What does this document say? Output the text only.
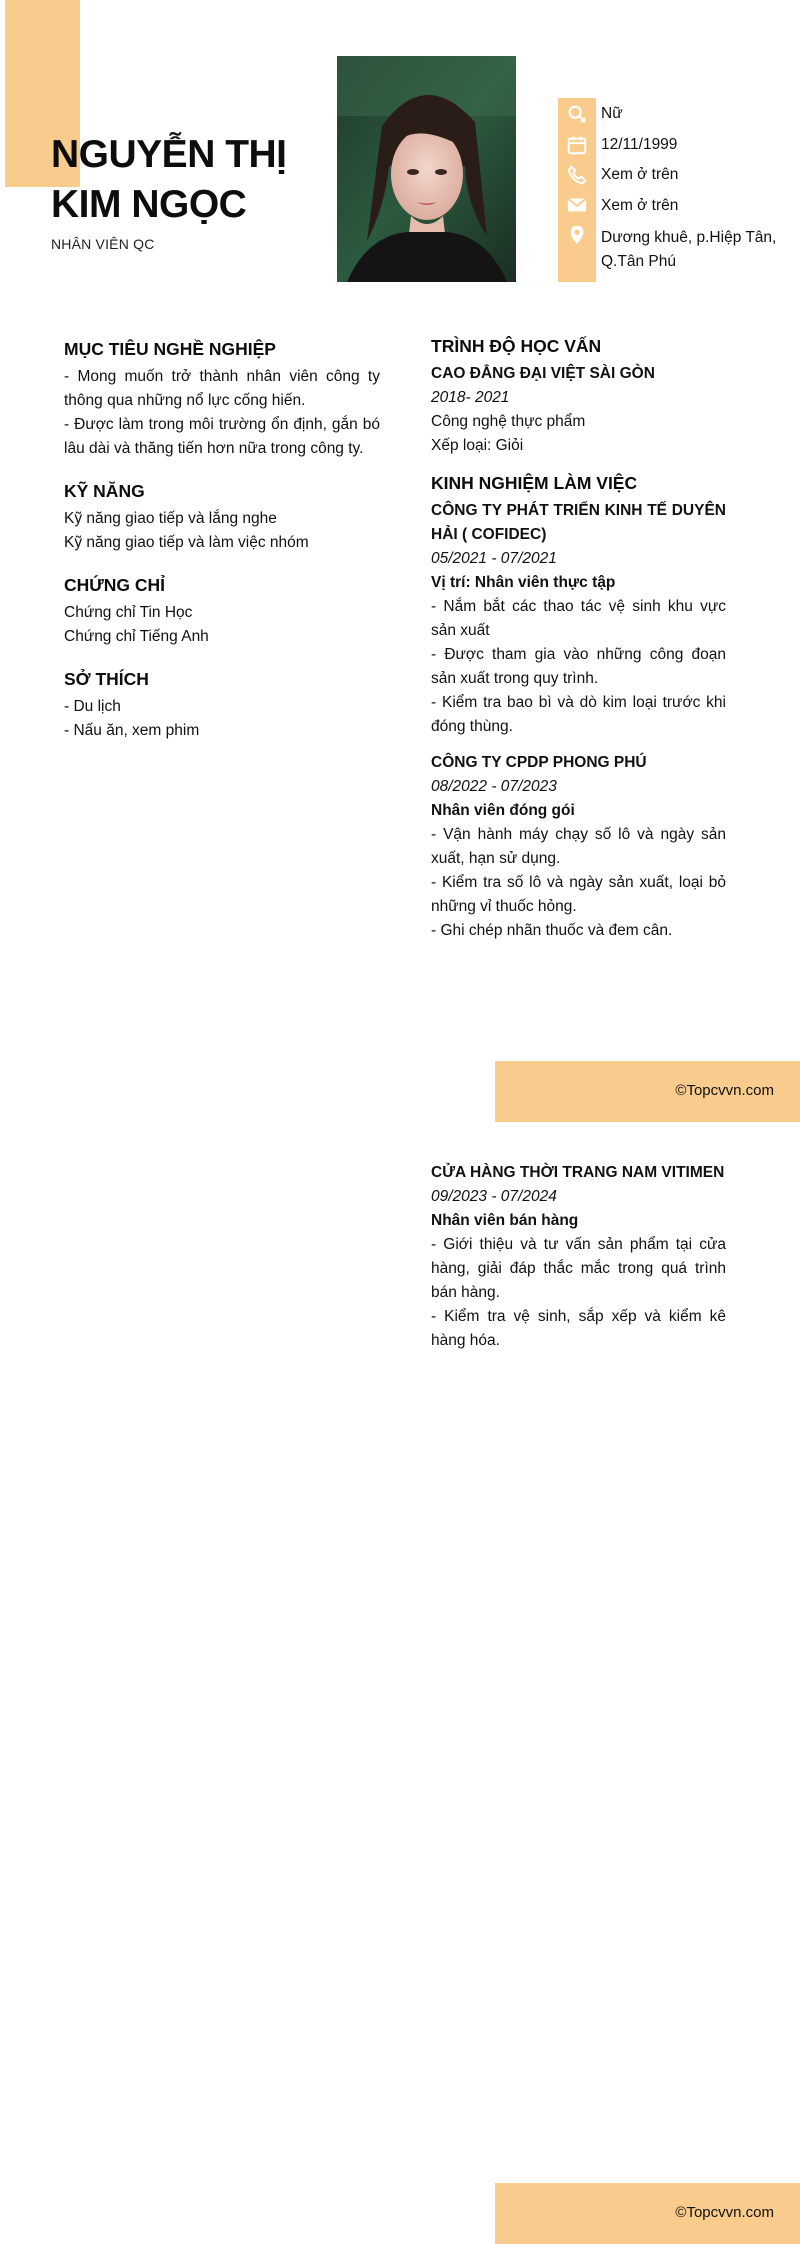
NGUYỄN THỊ
KIM NGỌC
NHÂN VIÊN QC
Nữ
12/11/1999
Xem ở trên
Xem ở trên
Dương khuê, p.Hiệp Tân,
Q.Tân Phú
MỤC TIÊU NGHỀ NGHIỆP

- Mong muốn trở thành nhân viên công ty thông qua những nổ lực cống hiến.

- Được làm trong môi trường ổn định, gắn bó lâu dài và thăng tiến hơn nữa trong công ty.

KỸ NĂNG

Kỹ năng giao tiếp và lắng nghe

Kỹ năng giao tiếp và làm việc nhóm

CHỨNG CHỈ

Chứng chỉ Tin Học

Chứng chỉ Tiếng Anh

SỞ THÍCH

- Du lịch

- Nấu ăn, xem phim

TRÌNH ĐỘ HỌC VẤN

CAO ĐẲNG ĐẠI VIỆT SÀI GÒN

2018- 2021

Công nghệ thực phẩm

Xếp loại: Giỏi

KINH NGHIỆM LÀM VIỆC

CÔNG TY PHÁT TRIỂN KINH TẾ DUYÊN HẢI ( COFIDEC)

05/2021 - 07/2021

Vị trí: Nhân viên thực tập

- Nắm bắt các thao tác vệ sinh khu vực sản xuất

- Được tham gia vào những công đoạn sản xuất trong quy trình.

- Kiểm tra bao bì và dò kim loại trước khi đóng thùng.

CÔNG TY CPDP PHONG PHÚ

08/2022 - 07/2023

Nhân viên đóng gói

- Vận hành máy chạy số lô và ngày sản xuất, hạn sử dụng.

- Kiểm tra số lô và ngày sản xuất, loại bỏ những vỉ thuốc hỏng.

- Ghi chép nhãn thuốc và đem cân.

©Topcvvn.com

CỬA HÀNG THỜI TRANG NAM VITIMEN

09/2023 - 07/2024

Nhân viên bán hàng

- Giới thiệu và tư vấn sản phẩm tại cửa hàng, giải đáp thắc mắc trong quá trình bán hàng.

- Kiểm tra vệ sinh, sắp xếp và kiểm kê hàng hóa.

©Topcvvn.com
